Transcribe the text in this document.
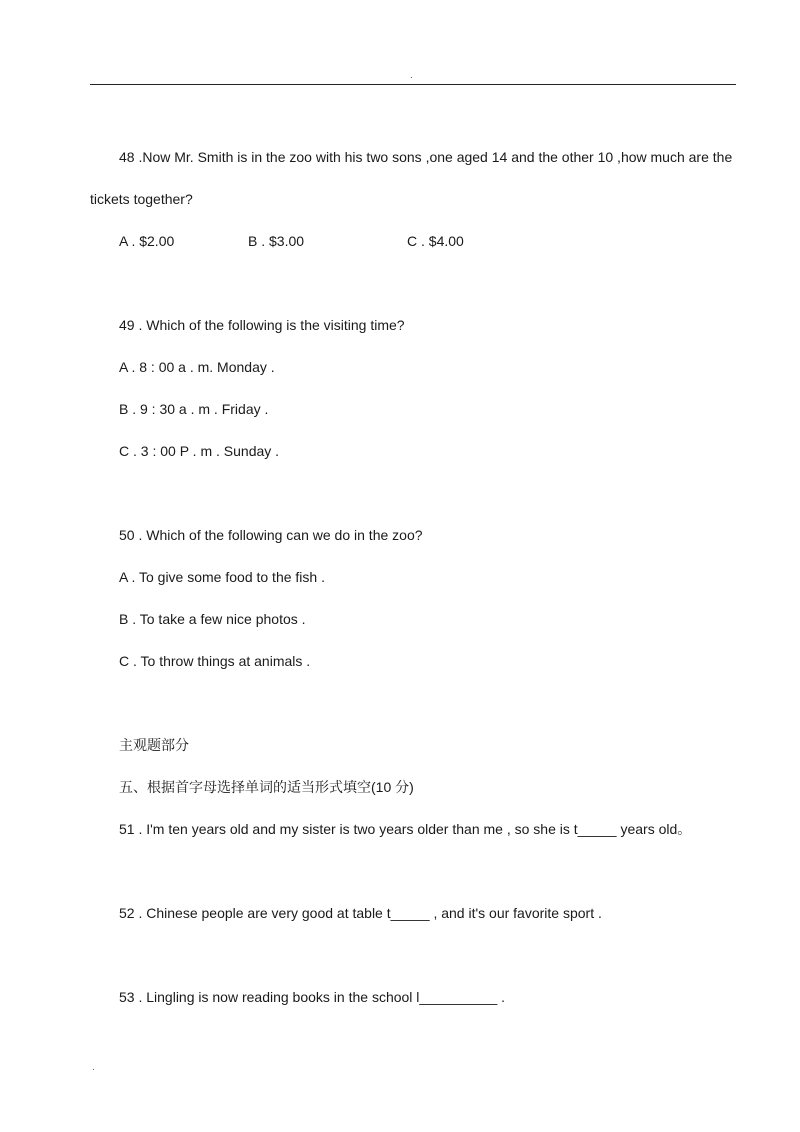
.
48 .Now Mr. Smith is in the zoo with his two sons ,one aged 14 and the other 10 ,how much are the
tickets together?
A . $2.00	B . $3.00	C . $4.00
49 . Which of the following is the visiting time?
A . 8 : 00 a . m. Monday .
B . 9 : 30 a . m . Friday .
C . 3 : 00 P . m . Sunday .
50 . Which of the following can we do in the zoo?
A . To give some food to the fish .
B . To take a few nice photos .
C . To throw things at animals .
主观题部分
五、根据首字母选择单词的适当形式填空(10 分)
51 . I'm ten years old and my sister is two years older than me , so she is t_____ years old。
52 . Chinese people are very good at table t_____ , and it's our favorite sport .
53 . Lingling is now reading books in the school l__________ .
.
